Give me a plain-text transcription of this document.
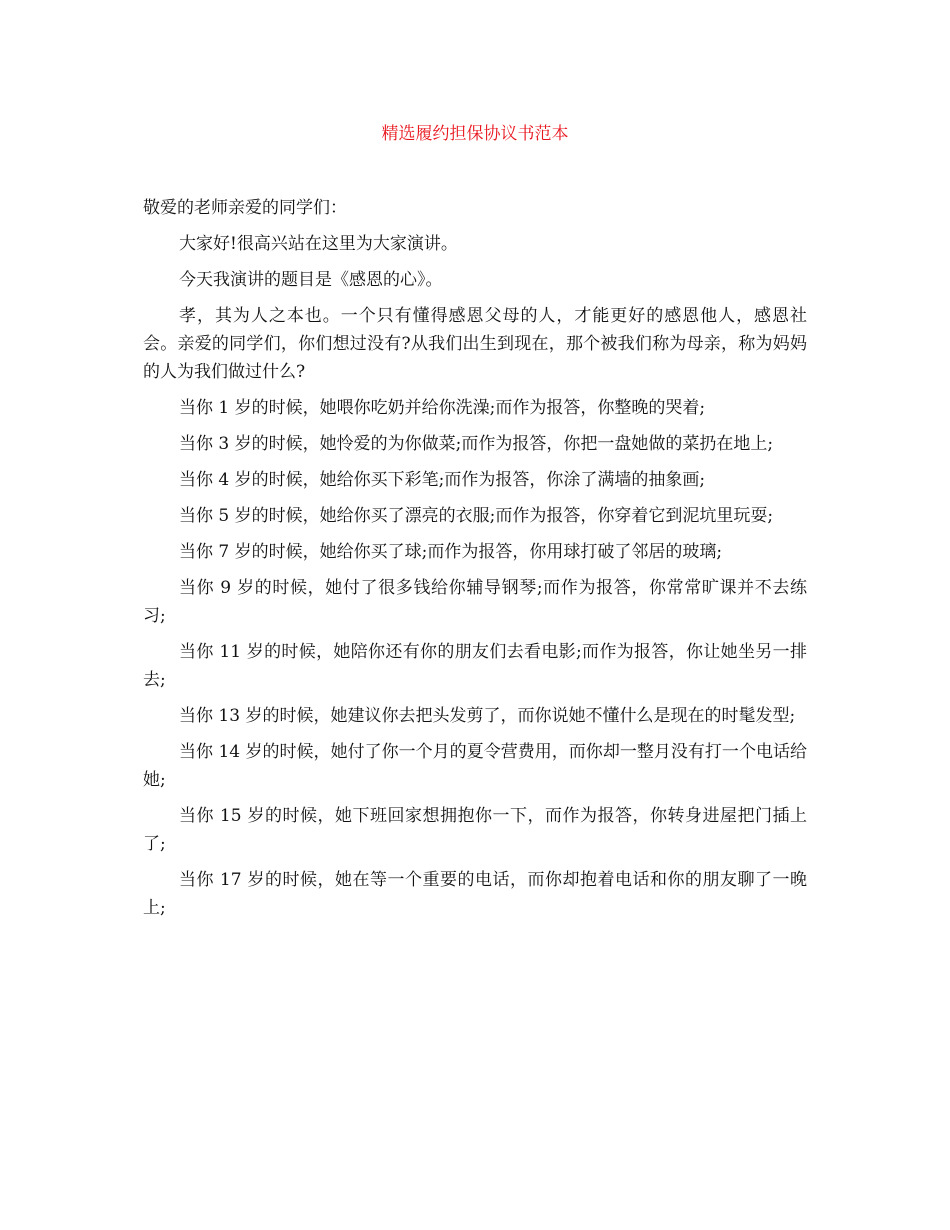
精选履约担保协议书范本

敬爱的老师亲爱的同学们：

大家好!很高兴站在这里为大家演讲。

今天我演讲的题目是《感恩的心》。

孝，其为人之本也。一个只有懂得感恩父母的人，才能更好的感恩他人，感恩社会。亲爱的同学们，你们想过没有?从我们出生到现在，那个被我们称为母亲，称为妈妈的人为我们做过什么?

当你 1 岁的时候，她喂你吃奶并给你洗澡;而作为报答，你整晚的哭着;

当你 3 岁的时候，她怜爱的为你做菜;而作为报答，你把一盘她做的菜扔在地上;

当你 4 岁的时候，她给你买下彩笔;而作为报答，你涂了满墙的抽象画;

当你 5 岁的时候，她给你买了漂亮的衣服;而作为报答，你穿着它到泥坑里玩耍;

当你 7 岁的时候，她给你买了球;而作为报答，你用球打破了邻居的玻璃;

当你 9 岁的时候，她付了很多钱给你辅导钢琴;而作为报答，你常常旷课并不去练习;

当你 11 岁的时候，她陪你还有你的朋友们去看电影;而作为报答，你让她坐另一排去;

当你 13 岁的时候，她建议你去把头发剪了，而你说她不懂什么是现在的时髦发型;

当你 14 岁的时候，她付了你一个月的夏令营费用，而你却一整月没有打一个电话给她;

当你 15 岁的时候，她下班回家想拥抱你一下，而作为报答，你转身进屋把门插上了;

当你 17 岁的时候，她在等一个重要的电话，而你却抱着电话和你的朋友聊了一晚上;
